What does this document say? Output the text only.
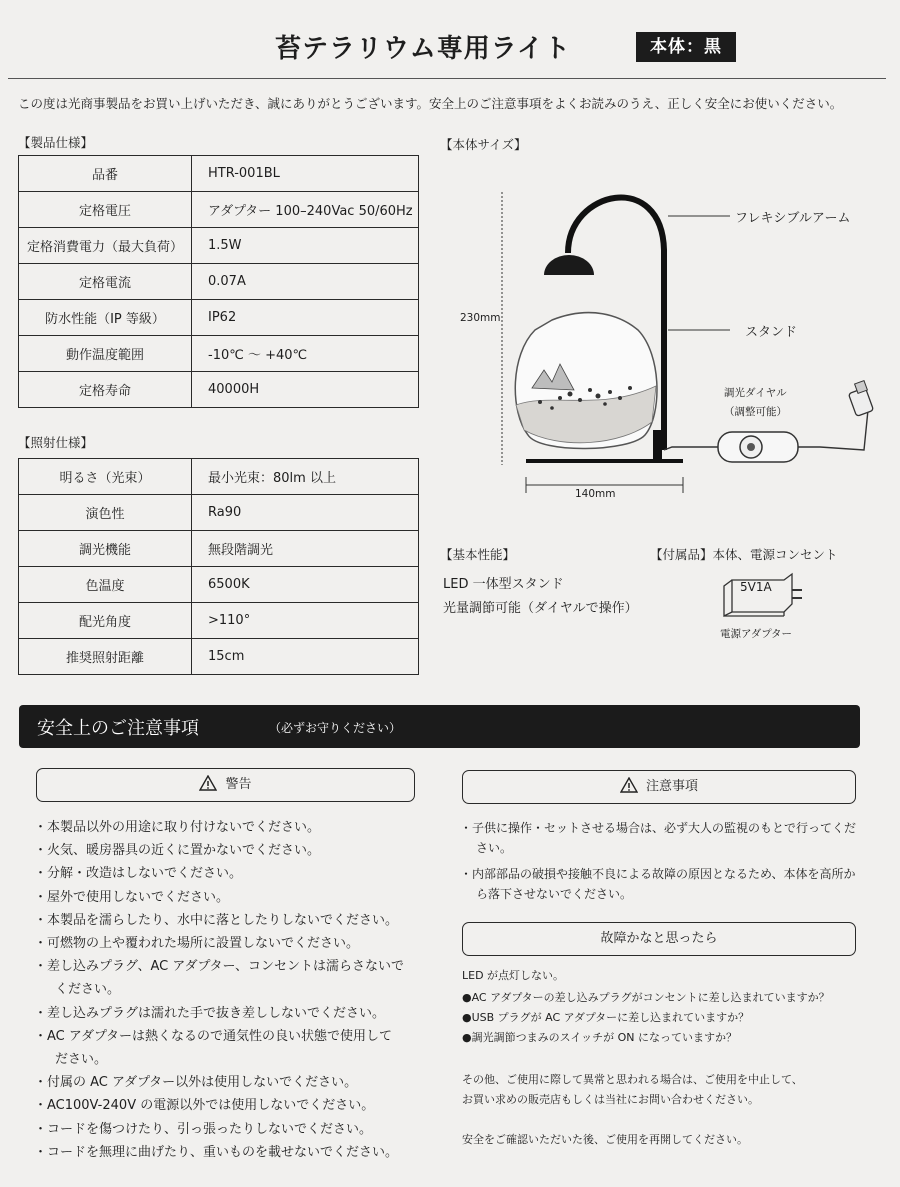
苔テラリウム専用ライト	本体：黒
この度は光商事製品をお買い上げいただき、誠にありがとうございます。安全上のご注意事項をよくお読みのうえ、正しく安全にお使いください。
【製品仕様】
品番	HTR-001BL
定格電圧	アダプター 100–240Vac 50/60Hz
定格消費電力（最大負荷）	1.5W
定格電流	0.07A
防水性能（IP 等級）	IP62
動作温度範囲	-10℃ 〜 +40℃
定格寿命	40000H
【照射仕様】
明るさ（光束）	最小光束：80lm 以上
演色性	Ra90
調光機能	無段階調光
色温度	6500K
配光角度	>110°
推奨照射距離	15cm
【本体サイズ】
230mm
140mm
フレキシブルアーム
スタンド
調光ダイヤル
（調整可能）
【基本性能】
LED 一体型スタンド
光量調節可能（ダイヤルで操作）
【付属品】本体、電源コンセント
5V1A
電源アダプター
安全上のご注意事項	（必ずお守りください）
警告
・本製品以外の用途に取り付けないでください。
・火気、暖房器具の近くに置かないでください。
・分解・改造はしないでください。
・屋外で使用しないでください。
・本製品を濡らしたり、水中に落としたりしないでください。
・可燃物の上や覆われた場所に設置しないでください。
・差し込みプラグ、AC アダプター、コンセントは濡らさないで
ください。
・差し込みプラグは濡れた手で抜き差ししないでください。
・AC アダプターは熱くなるので通気性の良い状態で使用して
ださい。
・付属の AC アダプター以外は使用しないでください。
・AC100V-240V の電源以外では使用しないでください。
・コードを傷つけたり、引っ張ったりしないでください。
・コードを無理に曲げたり、重いものを載せないでください。
注意事項
・子供に操作・セットさせる場合は、必ず大人の監視のもとで行ってくだ
さい。
・内部部品の破損や接触不良による故障の原因となるため、本体を高所か
ら落下させないでください。
故障かなと思ったら
LED が点灯しない。
●AC アダプターの差し込みプラグがコンセントに差し込まれていますか？
●USB プラグが AC アダプターに差し込まれていますか？
●調光調節つまみのスイッチが ON になっていますか？
その他、ご使用に際して異常と思われる場合は、ご使用を中止して、
お買い求めの販売店もしくは当社にお問い合わせください。
安全をご確認いただいた後、ご使用を再開してください。
